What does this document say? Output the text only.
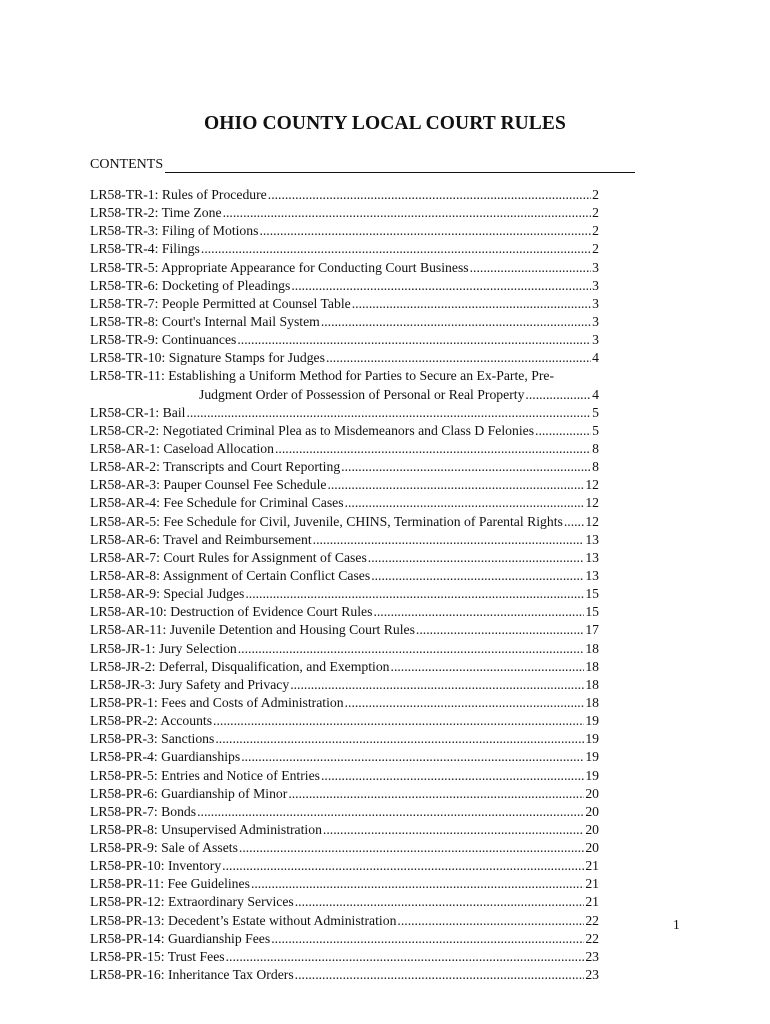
OHIO COUNTY LOCAL COURT RULES
CONTENTS
LR58-TR-1: Rules of Procedure .....	2
LR58-TR-2: Time Zone .....	2
LR58-TR-3: Filing of Motions .....	2
LR58-TR-4: Filings .....	2
LR58-TR-5: Appropriate Appearance for Conducting Court Business .....	3
LR58-TR-6: Docketing of Pleadings .....	3
LR58-TR-7: People Permitted at Counsel Table .....	3
LR58-TR-8: Court's Internal Mail System .....	3
LR58-TR-9: Continuances .....	3
LR58-TR-10: Signature Stamps for Judges .....	4
LR58-TR-11: Establishing a Uniform Method for Parties to Secure an Ex-Parte, Pre-
Judgment Order of Possession of Personal or Real Property .....	4
LR58-CR-1: Bail .....	5
LR58-CR-2: Negotiated Criminal Plea as to Misdemeanors and Class D Felonies .....	5
LR58-AR-1: Caseload Allocation .....	8
LR58-AR-2: Transcripts and Court Reporting .....	8
LR58-AR-3: Pauper Counsel Fee Schedule .....	12
LR58-AR-4: Fee Schedule for Criminal Cases .....	12
LR58-AR-5: Fee Schedule for Civil, Juvenile, CHINS, Termination of Parental Rights ..... 12
LR58-AR-6: Travel and Reimbursement .....	13
LR58-AR-7: Court Rules for Assignment of Cases .....	13
LR58-AR-8: Assignment of Certain Conflict Cases .....	13
LR58-AR-9: Special Judges .....	15
LR58-AR-10: Destruction of Evidence Court Rules .....	15
LR58-AR-11: Juvenile Detention and Housing Court Rules .....	17
LR58-JR-1: Jury Selection .....	18
LR58-JR-2: Deferral, Disqualification, and Exemption .....	18
LR58-JR-3: Jury Safety and Privacy .....	18
LR58-PR-1: Fees and Costs of Administration .....	18
LR58-PR-2: Accounts .....	19
LR58-PR-3: Sanctions .....	19
LR58-PR-4: Guardianships .....	19
LR58-PR-5: Entries and Notice of Entries .....	19
LR58-PR-6: Guardianship of Minor .....	20
LR58-PR-7: Bonds .....	20
LR58-PR-8: Unsupervised Administration .....	20
LR58-PR-9: Sale of Assets .....	20
LR58-PR-10: Inventory .....	21
LR58-PR-11: Fee Guidelines .....	21
LR58-PR-12: Extraordinary Services .....	21
LR58-PR-13: Decedent’s Estate without Administration .....	22
LR58-PR-14: Guardianship Fees .....	22
LR58-PR-15: Trust Fees .....	23
LR58-PR-16: Inheritance Tax Orders .....	23
1
